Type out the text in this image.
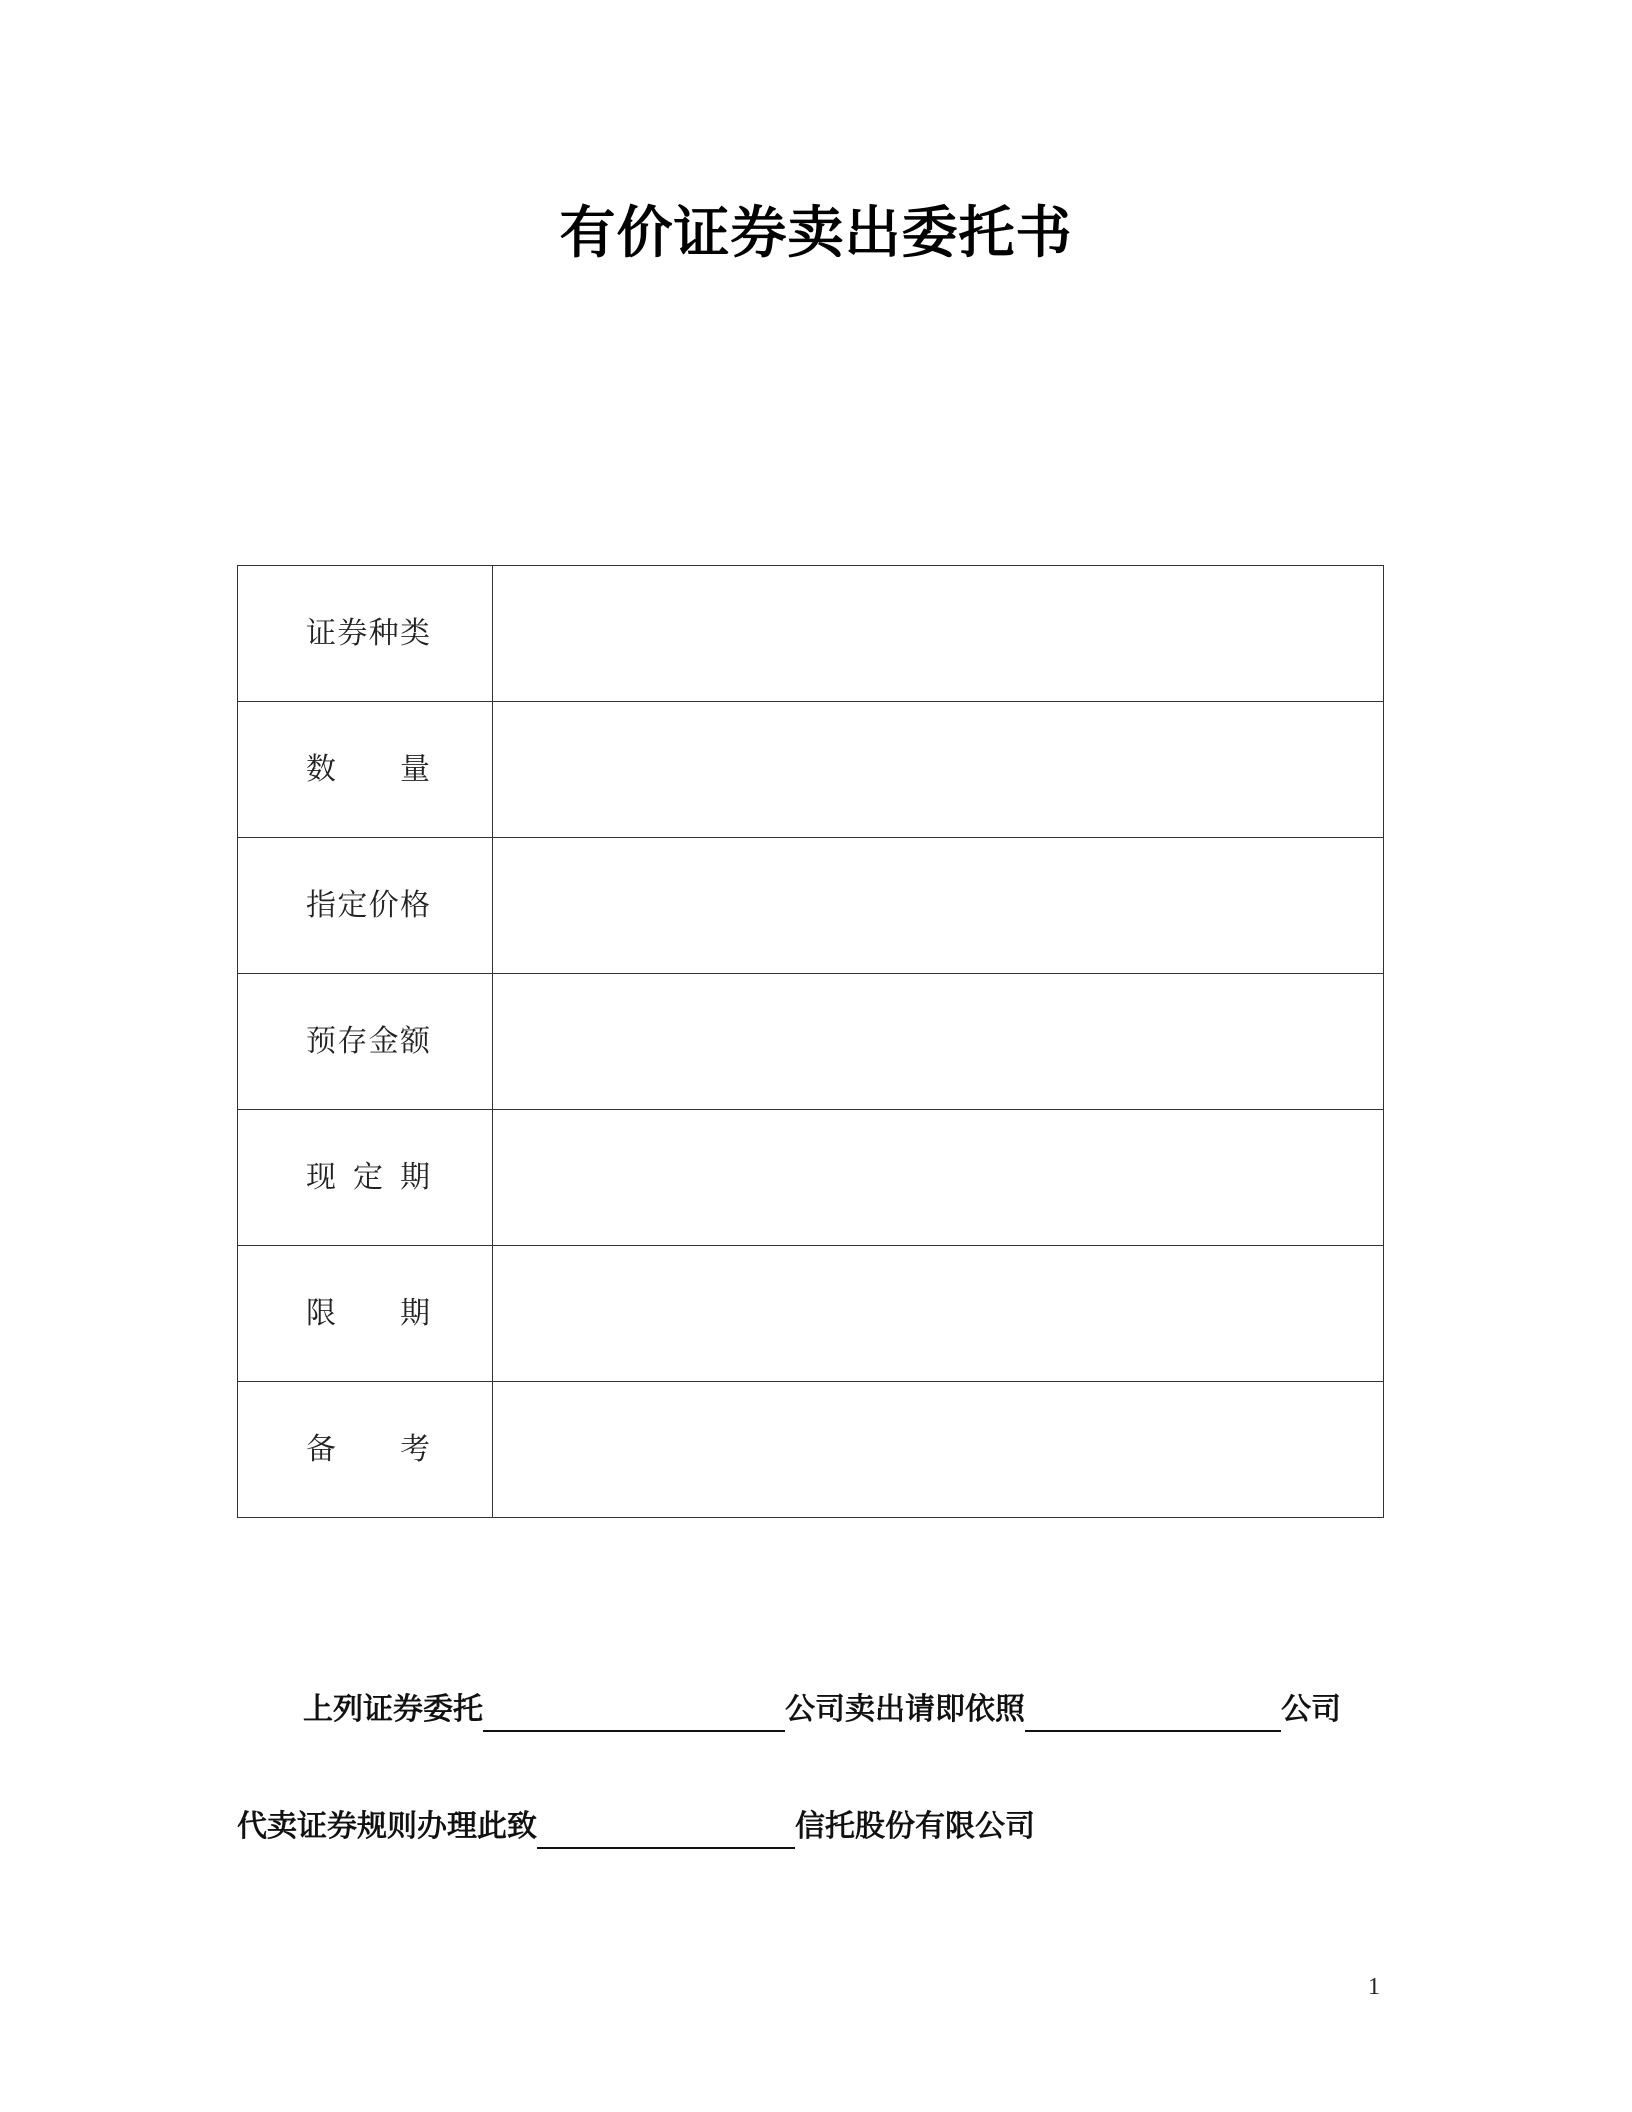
有价证券卖出委托书
证 券 种 类	

数 量	

指 定 价 格	

预 存 金 额	

现 定 期	

限 期	

备 考	

上列证券委托	公司卖出请即依照	公司
代卖证券规则办理此致	信托股份有限公司
1
